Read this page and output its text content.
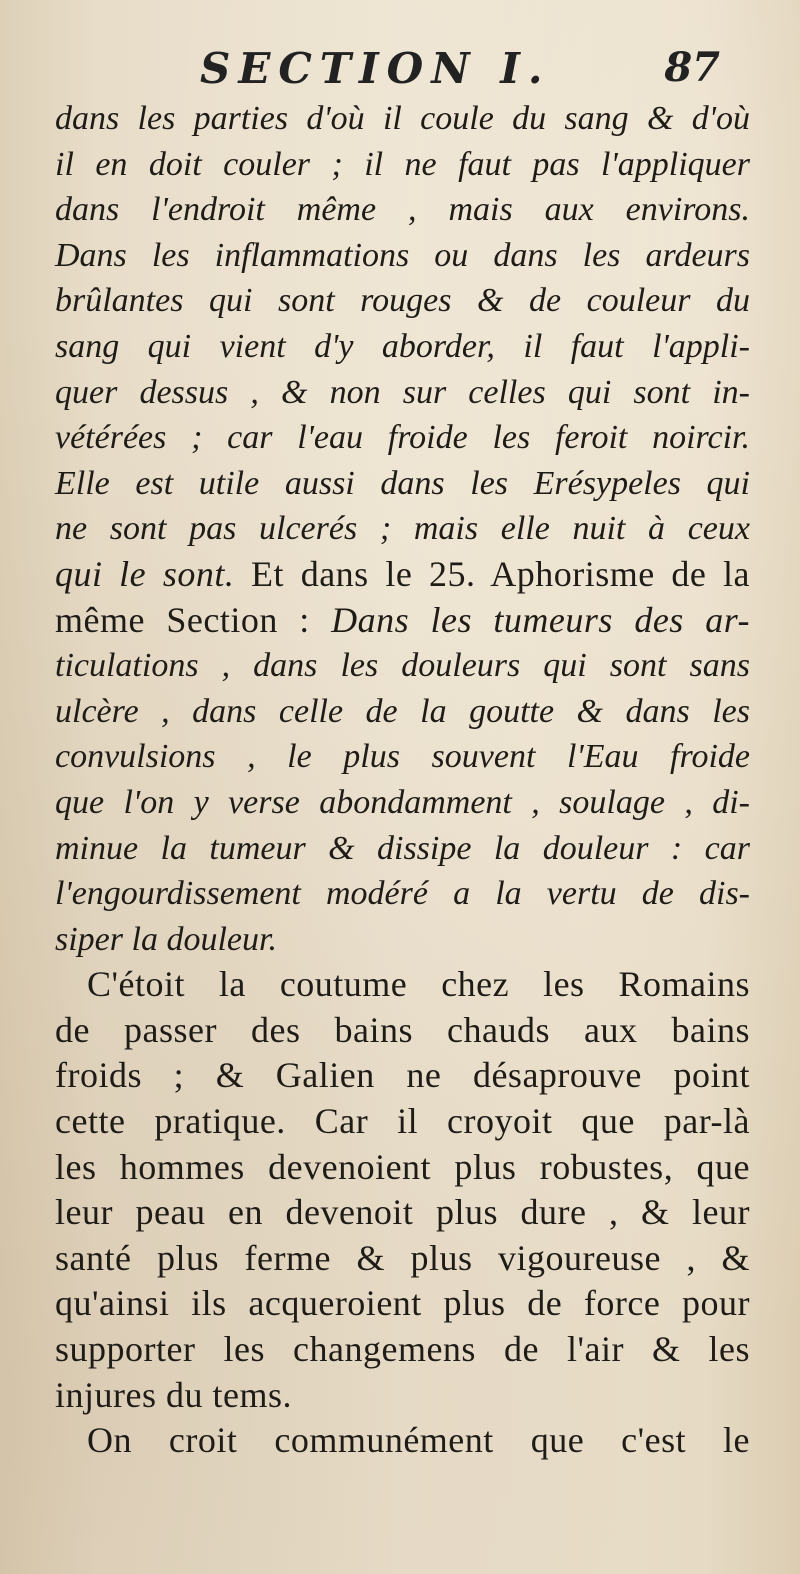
SECTION I.	87
dans les parties d'où il coule du sang & d'où
il en doit couler ; il ne faut pas l'appliquer
dans l'endroit même , mais aux environs.
Dans les inflammations ou dans les ardeurs
brûlantes qui sont rouges & de couleur du
sang qui vient d'y aborder, il faut l'appli-
quer dessus , & non sur celles qui sont in-
vétérées ; car l'eau froide les feroit noircir.
Elle est utile aussi dans les Erésypeles qui
ne sont pas ulcerés ; mais elle nuit à ceux
qui le sont. Et dans le 25. Aphorisme de la
même Section : Dans les tumeurs des ar-
ticulations , dans les douleurs qui sont sans
ulcère , dans celle de la goutte & dans les
convulsions , le plus souvent l'Eau froide
que l'on y verse abondamment , soulage , di-
minue la tumeur & dissipe la douleur : car
l'engourdissement modéré a la vertu de dis-
siper la douleur.
C'étoit la coutume chez les Romains
de passer des bains chauds aux bains
froids ; & Galien ne désaprouve point
cette pratique. Car il croyoit que par-là
les hommes devenoient plus robustes, que
leur peau en devenoit plus dure , & leur
santé plus ferme & plus vigoureuse , &
qu'ainsi ils acqueroient plus de force pour
supporter les changemens de l'air & les
injures du tems.
On croit communément que c'est le
